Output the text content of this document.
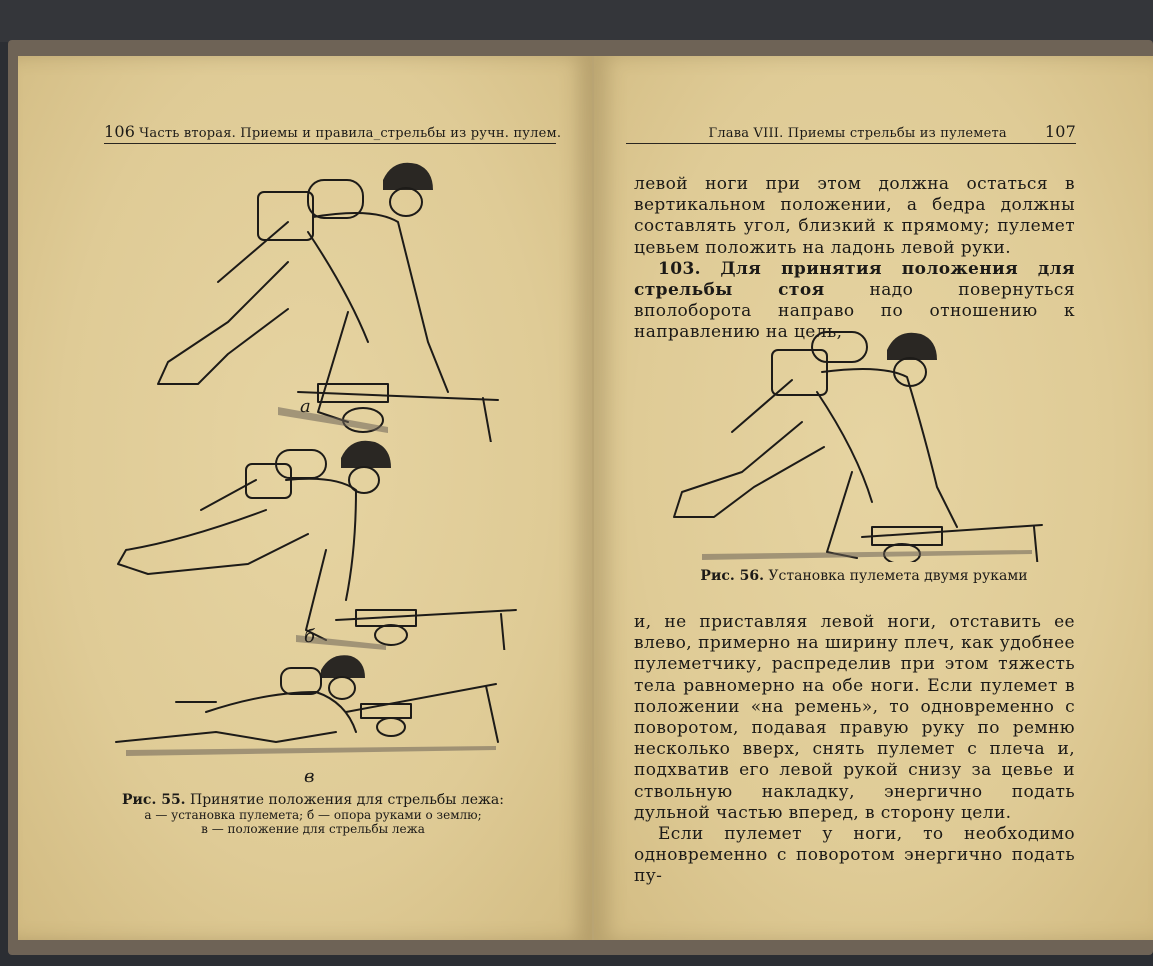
106 Часть вторая. Приемы и правила_стрельбы из ручн. пулем.
а
б
в
Рис. 55. Принятие положения для стрельбы лежа:
а — установка пулемета; б — опора руками о землю;
в — положение для стрельбы лежа
Глава VIII. Приемы стрельбы из пулемета 107

левой ноги при этом должна остаться в вертикальном положении, а бедра должны составлять угол, близкий к прямому; пулемет цевьем положить на ладонь левой руки.

103. Для принятия положения для стрельбы стоя	надо повернуться вполоборота направо по отношению к направлению на цель,

Рис. 56. Установка пулемета двумя руками

и, не приставляя левой ноги, отставить ее влево, примерно на ширину плеч, как удобнее пулеметчику, распределив при этом тяжесть тела равномерно на обе ноги. Если пулемет в положении «на ремень», то одновременно с поворотом, подавая правую руку по ремню несколько вверх, снять пулемет с плеча и, подхватив его левой рукой снизу за цевье и ствольную накладку, энергично подать дульной частью вперед, в сторону цели.

Если пулемет у ноги, то необходимо одновременно с поворотом энергично подать пу-
